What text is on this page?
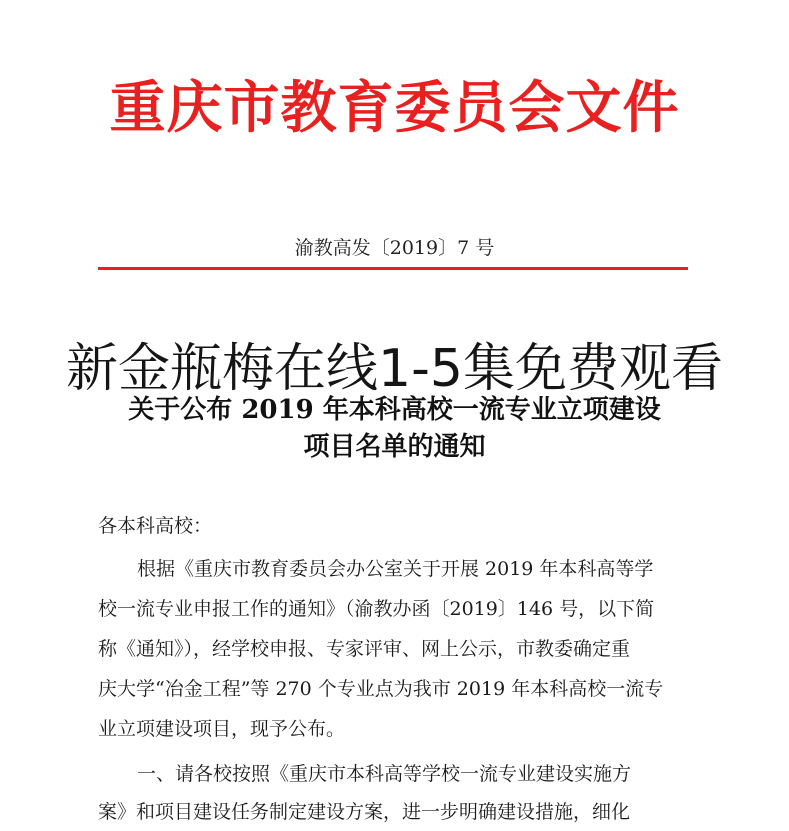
重庆市教育委员会文件
渝教高发〔2019〕7 号
关于公布 2019 年本科高校一流专业立项建设
项目名单的通知
新金瓶梅在线1-5集免费观看
各本科高校：
根据《重庆市教育委员会办公室关于开展 2019 年本科高等学
校一流专业申报工作的通知》（渝教办函〔2019〕146 号，以下简
称《通知》），经学校申报、专家评审、网上公示，市教委确定重
庆大学“冶金工程”等 270 个专业点为我市 2019 年本科高校一流专
业立项建设项目，现予公布。
一、请各校按照《重庆市本科高等学校一流专业建设实施方
案》和项目建设任务制定建设方案，进一步明确建设措施，细化
